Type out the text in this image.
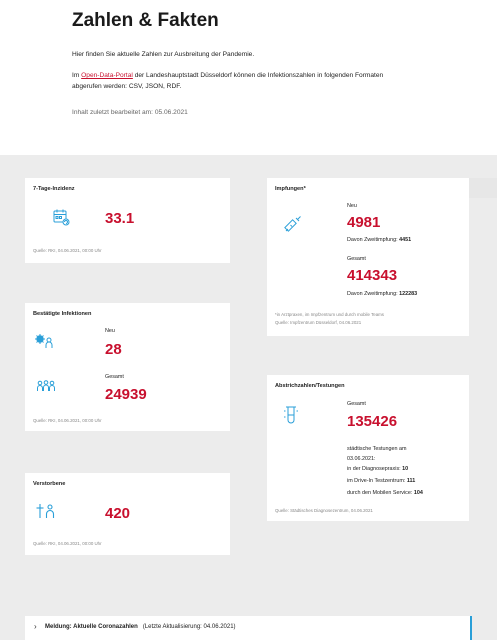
Zahlen & Fakten

Hier finden Sie aktuelle Zahlen zur Ausbreitung der Pandemie.

Im Open-Data-Portal der Landeshauptstadt Düsseldorf können die Infektionszahlen in folgenden Formaten abgerufen werden: CSV, JSON, RDF.

Inhalt zuletzt bearbeitet am: 05.06.2021

7-Tage-Inzidenz
33.1
Quelle: RKI, 04.06.2021, 00:00 Uhr
Bestätigte Infektionen
Neu
28
Gesamt
24939
Quelle: RKI, 04.06.2021, 00:00 Uhr
Verstorbene
420
Quelle: RKI, 04.06.2021, 00:00 Uhr
Impfungen*
Neu
4981
Davon Zweitimpfung: 4451
Gesamt
414343
Davon Zweitimpfung: 122283
*in Arztpraxen, im Impfzentrum und durch mobile Teams
Quelle: Impfzentrum Düsseldorf, 04.06.2021
Abstrichzahlen/Testungen
Gesamt
135426
städtische Testungen am
03.06.2021:
in der Diagnosepraxis: 10
im Drive-In Testzentrum: 111
durch den Mobilen Service: 104
Quelle: Städtisches Diagnosezentrum, 04.06.2021
› Meldung: Aktuelle Coronazahlen (Letzte Aktualisierung: 04.06.2021)
